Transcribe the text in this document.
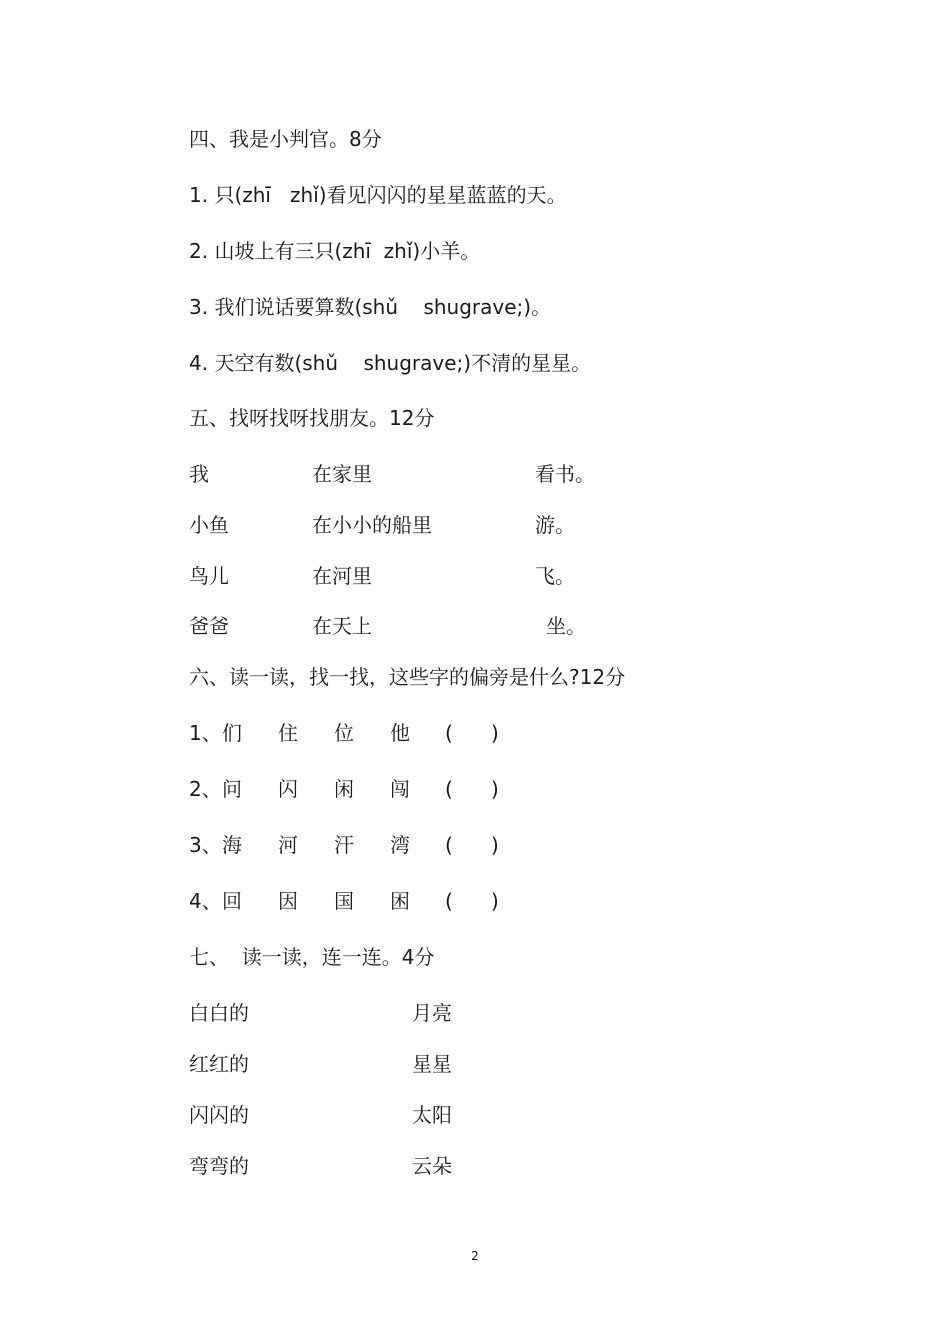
四、我是小判官。8分
1. 只(zhī   zhǐ)看见闪闪的星星蓝蓝的天。
2. 山坡上有三只(zhī  zhǐ)小羊。
3. 我们说话要算数(shǔ    shugrave;)。
4. 天空有数(shǔ    shugrave;)不清的星星。
五、找呀找呀找朋友。12分
我	在家里	看书。
小鱼	在小小的船里	游。
鸟儿	在河里	飞。
爸爸	在天上	坐。
六、读一读，找一找，这些字的偏旁是什么?12分
1、 们 住 位 他 (      )
2、 问 闪 闲 闯 (      )
3、 海 河 汗 湾 (      )
4、 回 因 国 困 (      )
七、  读一读，连一连。4分
白白的	月亮
红红的	星星
闪闪的	太阳
弯弯的	云朵
2
